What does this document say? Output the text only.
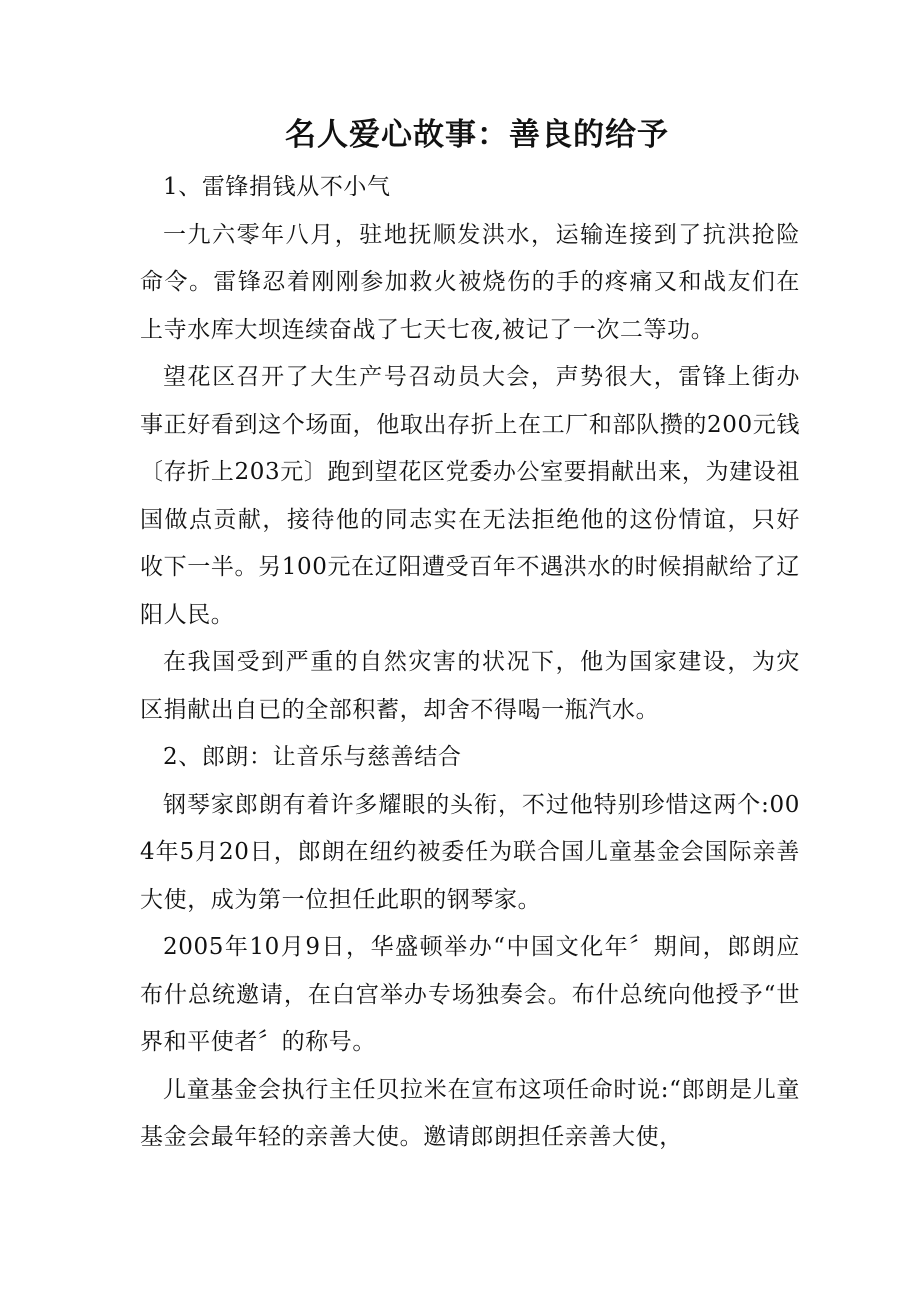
名人爱心故事：善良的给予

1、雷锋捐钱从不小气

一九六零年八月，驻地抚顺发洪水，运输连接到了抗洪抢险命令。雷锋忍着刚刚参加救火被烧伤的手的疼痛又和战友们在上寺水库大坝连续奋战了七天七夜,被记了一次二等功。

望花区召开了大生产号召动员大会，声势很大，雷锋上街办事正好看到这个场面，他取出存折上在工厂和部队攒的200元钱〔存折上203元〕跑到望花区党委办公室要捐献出来，为建设祖国做点贡献，接待他的同志实在无法拒绝他的这份情谊，只好收下一半。另100元在辽阳遭受百年不遇洪水的时候捐献给了辽阳人民。

在我国受到严重的自然灾害的状况下，他为国家建设，为灾区捐献出自已的全部积蓄，却舍不得喝一瓶汽水。

2、郎朗：让音乐与慈善结合

钢琴家郎朗有着许多耀眼的头衔，不过他特别珍惜这两个:004年5月20日，郎朗在纽约被委任为联合国儿童基金会国际亲善大使，成为第一位担任此职的钢琴家。

2005年10月9日，华盛顿举办“中国文化年〞期间，郎朗应布什总统邀请，在白宫举办专场独奏会。布什总统向他授予“世界和平使者〞的称号。

儿童基金会执行主任贝拉米在宣布这项任命时说:“郎朗是儿童基金会最年轻的亲善大使。邀请郎朗担任亲善大使，
